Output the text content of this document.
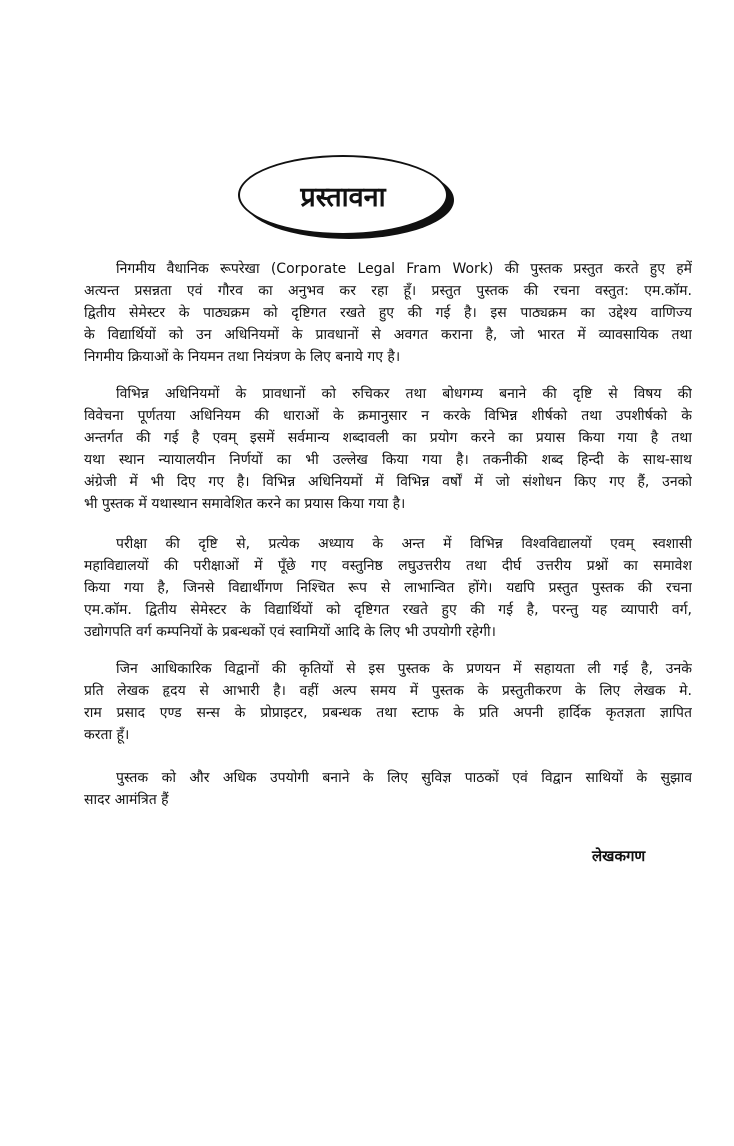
प्रस्तावना
निगमीय वैधानिक रूपरेखा (Corporate Legal Fram Work) की पुस्तक प्रस्तुत करते हुए हमें
अत्यन्त प्रसन्नता एवं गौरव का अनुभव कर रहा हूँ। प्रस्तुत पुस्तक की रचना वस्तुत: एम.कॉम.
द्वितीय सेमेस्टर के पाठ्यक्रम को दृष्टिगत रखते हुए की गई है। इस पाठ्यक्रम का उद्देश्य वाणिज्य
के विद्यार्थियों को उन अधिनियमों के प्रावधानों से अवगत कराना है, जो भारत में व्यावसायिक तथा
निगमीय क्रियाओं के नियमन तथा नियंत्रण के लिए बनाये गए है।
विभिन्न अधिनियमों के प्रावधानों को रुचिकर तथा बोधगम्य बनाने की दृष्टि से विषय की
विवेचना पूर्णतया अधिनियम की धाराओं के क्रमानुसार न करके विभिन्न शीर्षको तथा उपशीर्षको के
अन्तर्गत की गई है एवम् इसमें सर्वमान्य शब्दावली का प्रयोग करने का प्रयास किया गया है तथा
यथा स्थान न्यायालयीन निर्णयों का भी उल्लेख किया गया है। तकनीकी शब्द हिन्दी के साथ-साथ
अंग्रेजी में भी दिए गए है। विभिन्न अधिनियमों में विभिन्न वर्षों में जो संशोधन किए गए हैं, उनको
भी पुस्तक में यथास्थान समावेशित करने का प्रयास किया गया है।
परीक्षा की दृष्टि से, प्रत्येक अध्याय के अन्त में विभिन्न विश्वविद्यालयों एवम् स्वशासी
महाविद्यालयों की परीक्षाओं में पूँछे गए वस्तुनिष्ठ लघुउत्तरीय तथा दीर्घ उत्तरीय प्रश्नों का समावेश
किया गया है, जिनसे विद्यार्थीगण निश्चित रूप से लाभान्वित होंगे। यद्यपि प्रस्तुत पुस्तक की रचना
एम.कॉम. द्वितीय सेमेस्टर के विद्यार्थियों को दृष्टिगत रखते हुए की गई है, परन्तु यह व्यापारी वर्ग,
उद्योगपति वर्ग कम्पनियों के प्रबन्धकों एवं स्वामियों आदि के लिए भी उपयोगी रहेगी।
जिन आधिकारिक विद्वानों की कृतियों से इस पुस्तक के प्रणयन में सहायता ली गई है, उनके
प्रति लेखक हृदय से आभारी है। वहीं अल्प समय में पुस्तक के प्रस्तुतीकरण के लिए लेखक मे.
राम प्रसाद एण्ड सन्स के प्रोप्राइटर, प्रबन्धक तथा स्टाफ के प्रति अपनी हार्दिक कृतज्ञता ज्ञापित
करता हूँ।
पुस्तक को और अधिक उपयोगी बनाने के लिए सुविज्ञ पाठकों एवं विद्वान साथियों के सुझाव
सादर आमंत्रित हैं
लेखकगण
